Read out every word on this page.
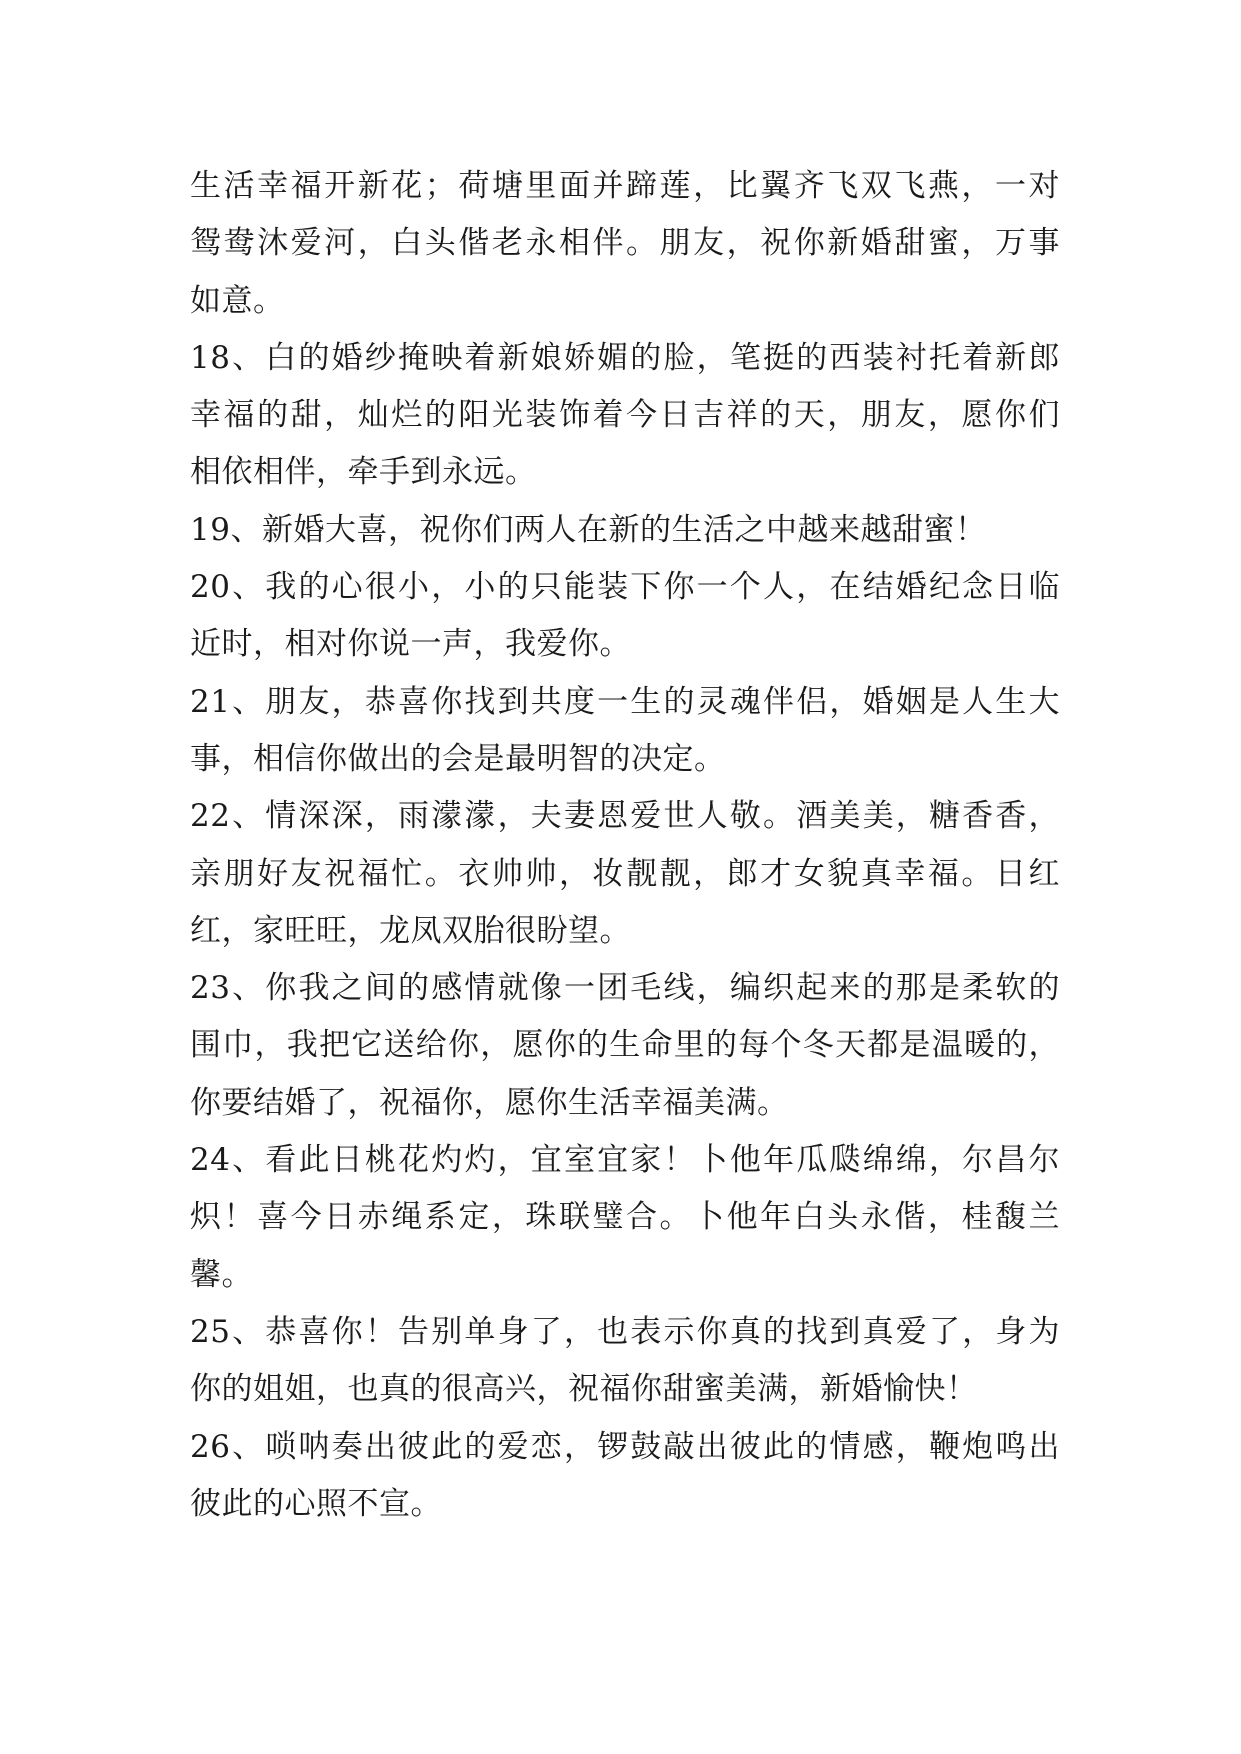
生活幸福开新花；荷塘里面并蹄莲，比翼齐飞双飞燕，一对
鸳鸯沐爱河，白头偕老永相伴。朋友，祝你新婚甜蜜，万事
如意。
18、白的婚纱掩映着新娘娇媚的脸，笔挺的西装衬托着新郎
幸福的甜，灿烂的阳光装饰着今日吉祥的天，朋友，愿你们
相依相伴，牵手到永远。
19、新婚大喜，祝你们两人在新的生活之中越来越甜蜜！
20、我的心很小，小的只能装下你一个人，在结婚纪念日临
近时，相对你说一声，我爱你。
21、朋友，恭喜你找到共度一生的灵魂伴侣，婚姻是人生大
事，相信你做出的会是最明智的决定。
22、情深深，雨濛濛，夫妻恩爱世人敬。酒美美，糖香香，
亲朋好友祝福忙。衣帅帅，妆靓靓，郎才女貌真幸福。日红
红，家旺旺，龙凤双胎很盼望。
23、你我之间的感情就像一团毛线，编织起来的那是柔软的
围巾，我把它送给你，愿你的生命里的每个冬天都是温暖的，
你要结婚了，祝福你，愿你生活幸福美满。
24、看此日桃花灼灼，宜室宜家！卜他年瓜瓞绵绵，尔昌尔
炽！喜今日赤绳系定，珠联璧合。卜他年白头永偕，桂馥兰
馨。
25、恭喜你！告别单身了，也表示你真的找到真爱了，身为
你的姐姐，也真的很高兴，祝福你甜蜜美满，新婚愉快！
26、唢呐奏出彼此的爱恋，锣鼓敲出彼此的情感，鞭炮鸣出
彼此的心照不宣。
